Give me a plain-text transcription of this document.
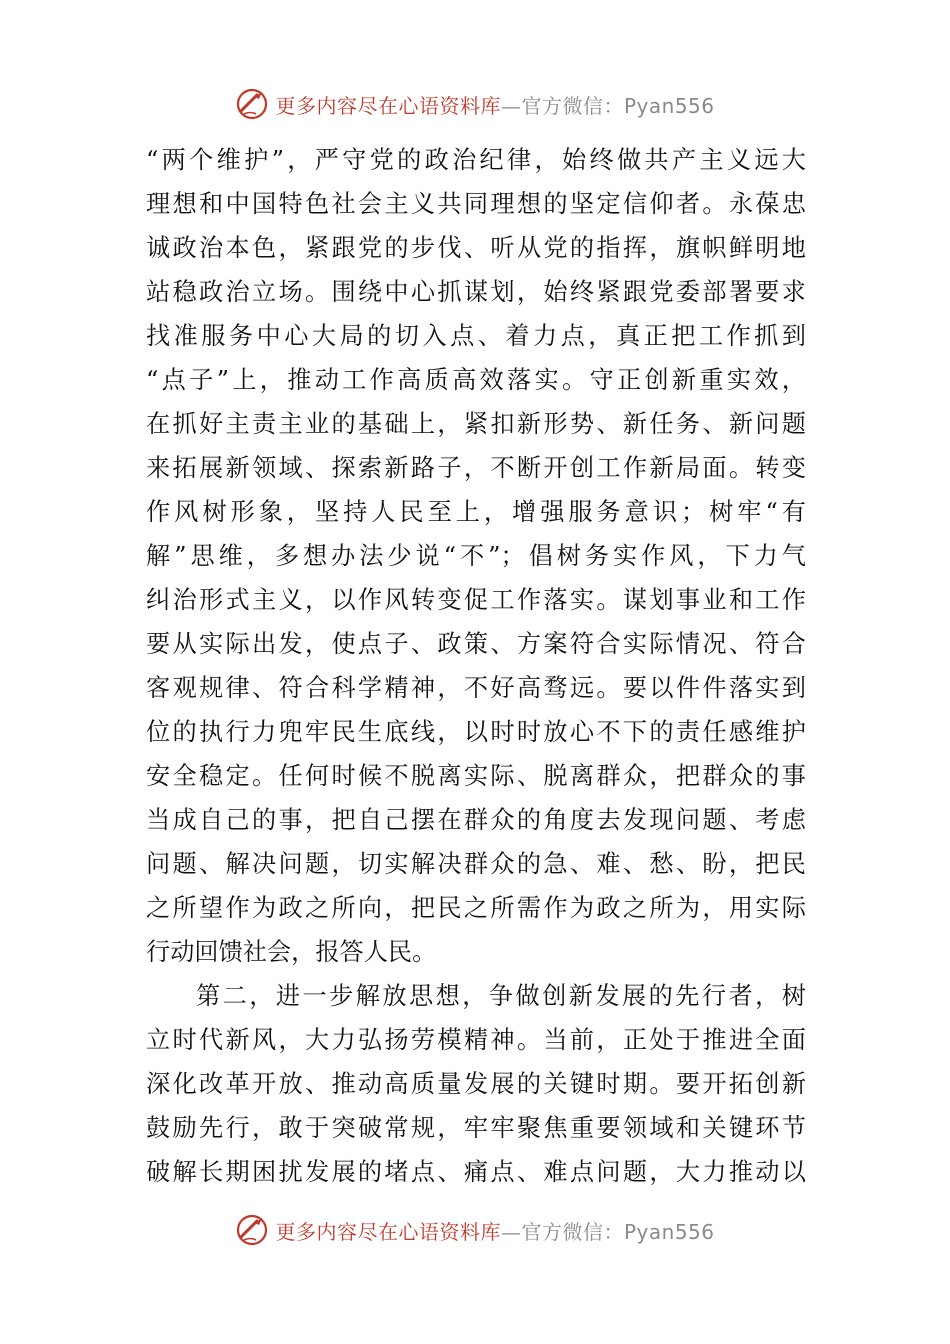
更多内容尽在心语资料库—官方微信：Pyan556
“两个维护”，严守党的政治纪律，始终做共产主义远大
理想和中国特色社会主义共同理想的坚定信仰者。永葆忠
诚政治本色，紧跟党的步伐、听从党的指挥，旗帜鲜明地
站稳政治立场。围绕中心抓谋划，始终紧跟党委部署要求
找准服务中心大局的切入点、着力点，真正把工作抓到
“点子”上，推动工作高质高效落实。守正创新重实效，
在抓好主责主业的基础上，紧扣新形势、新任务、新问题
来拓展新领域、探索新路子，不断开创工作新局面。转变
作风树形象，坚持人民至上，增强服务意识；树牢“有
解”思维，多想办法少说“不”；倡树务实作风，下力气
纠治形式主义，以作风转变促工作落实。谋划事业和工作
要从实际出发，使点子、政策、方案符合实际情况、符合
客观规律、符合科学精神，不好高骛远。要以件件落实到
位的执行力兜牢民生底线，以时时放心不下的责任感维护
安全稳定。任何时候不脱离实际、脱离群众，把群众的事
当成自己的事，把自己摆在群众的角度去发现问题、考虑
问题、解决问题，切实解决群众的急、难、愁、盼，把民
之所望作为政之所向，把民之所需作为政之所为，用实际
行动回馈社会，报答人民。
第二，进一步解放思想，争做创新发展的先行者，树
立时代新风，大力弘扬劳模精神。当前，正处于推进全面
深化改革开放、推动高质量发展的关键时期。要开拓创新
鼓励先行，敢于突破常规，牢牢聚焦重要领域和关键环节
破解长期困扰发展的堵点、痛点、难点问题，大力推动以
更多内容尽在心语资料库—官方微信：Pyan556
